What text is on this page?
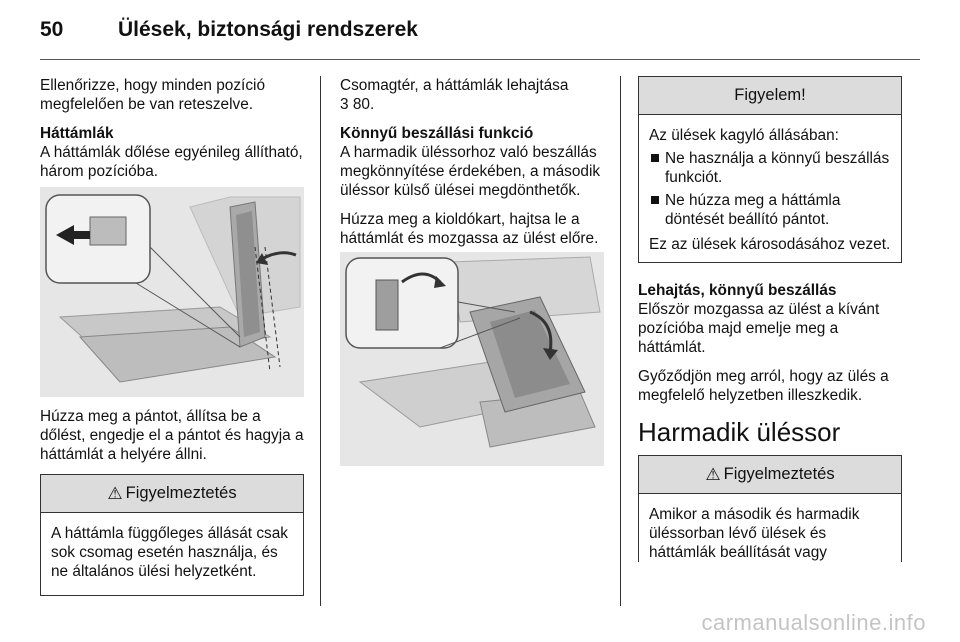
50	Ülések, biztonsági rendszerek

Ellenőrizze, hogy minden pozíció megfelelően be van reteszelve.

Háttámlák
A háttámlák dőlése egyénileg állítható, három pozícióba.

Húzza meg a pántot, állítsa be a dőlést, engedje el a pántot és hagyja a háttámlát a helyére állni.

⚠ Figyelmeztetés

A háttámla függőleges állását csak sok csomag esetén használja, és ne általános ülési helyzetként.

Csomagtér, a háttámlák lehajtása

3 80.

Könnyű beszállási funkció

A harmadik üléssorhoz való beszállás megkönnyítése érdekében, a második üléssor külső ülései megdönthetők.

Húzza meg a kioldókart, hajtsa le a háttámlát és mozgassa az ülést előre.
Figyelem!
Az ülések kagyló állásában:
Ne használja a könnyű beszállás funkciót.
Ne húzza meg a háttámla döntését beállító pántot.
Ez az ülések károsodásához vezet.
Lehajtás, könnyű beszállás

Először mozgassa az ülést a kívánt pozícióba majd emelje meg a háttámlát.

Győződjön meg arról, hogy az ülés a megfelelő helyzetben illeszkedik.

Harmadik üléssor
⚠ Figyelmeztetés

Amikor a második és harmadik üléssorban lévő ülések és háttámlák beállítását vagy

carmanualsonline.info
